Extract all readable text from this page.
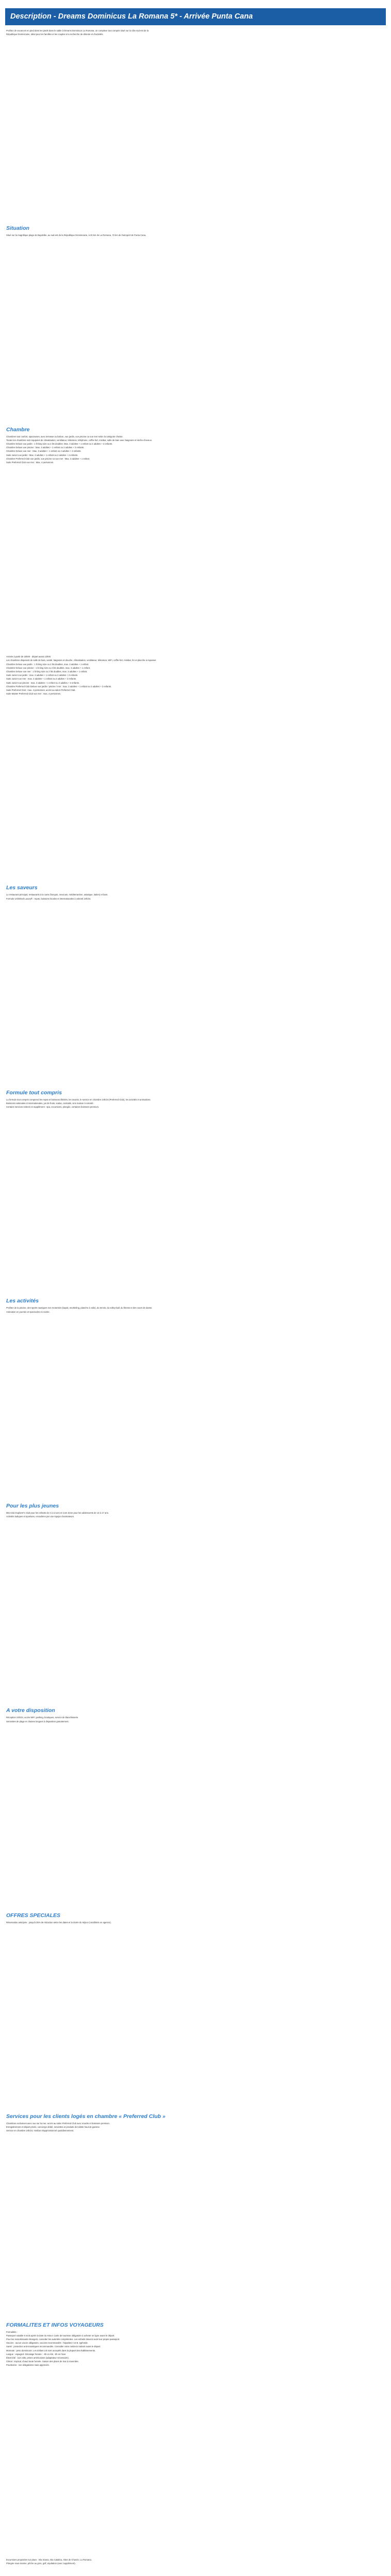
Description - Dreams Dominicus La Romana 5* - Arrivée Punta Cana
Profitez de vacances en pied dans les pieds dans le sable à Dreams Dominicus La Romana, un complexe tout compris situé sur la côte sud-est de la
République Dominicaine, idéal pour les familles et les couples à la recherche de détente et d'activités.
Situation
Situé sur la magnifique plage de Bayahibe, au sud-est de la République Dominicaine, à 20 km de La Romana, 72 km de l'aéroport de Punta Cana.
Chambre
Chambres tout confort, spacieuses, avec terrasse ou balcon, vue jardin, vue piscine ou vue mer selon la catégorie choisie.
Toutes les chambres sont équipées de climatisation, ventilateur, télévision, téléphone, coffre-fort, minibar, salle de bain avec baignoire et sèche-cheveux.
Chambre Deluxe vue jardin : 1 lit king size ou 2 lits doubles. Max. 3 adultes + 1 enfant ou 2 adultes + 2 enfants.
Chambre Deluxe vue piscine : Max. 3 adultes + 1 enfant ou 2 adultes + 2 enfants.
Chambre Deluxe vue mer : Max. 3 adultes + 1 enfant ou 2 adultes + 2 enfants.
Suite Junior vue jardin : Max. 3 adultes + 1 enfant ou 2 adultes + 2 enfants.
Chambre Preferred Club vue jardin, vue piscine ou vue mer : Max. 3 adultes + 1 enfant.
Suite Preferred Club vue mer : Max. 4 personnes.
Arrivée à partir de 15h00 - départ avant 12h00.
Les chambres disposent de salle de bain, vanité, baignoire et douche, climatisation, ventilateur, télévision, WiFi, coffre-fort, minibar, fer et planche à repasser.
Chambre Deluxe vue jardin : 1 lit king size ou 2 lits doubles, max. 3 adultes + 1 enfant.
Chambre Deluxe vue piscine : 1 lit king size ou 2 lits doubles, max. 3 adultes + 1 enfant.
Chambre Deluxe vue mer : 1 lit king size ou 2 lits doubles, max. 3 adultes + 1 enfant.
Suite Junior vue jardin : max. 3 adultes + 1 enfant ou 2 adultes + 2 enfants.
Suite Junior vue mer : max. 3 adultes + 1 enfant ou 2 adultes + 2 enfants.
Suite Junior vue piscine : max. 3 adultes + 1 enfant ou 2 adultes + 2 enfants.
Chambre Preferred Club Deluxe vue jardin / piscine / mer : max. 3 adultes + 1 enfant ou 2 adultes + 2 enfants.
Suite Preferred Club : max. 4 personnes, accès au salon Preferred Club.
Suite Master Preferred Club vue mer : max. 4 personnes.
Les saveurs
Le restaurant principal, restaurants à la carte (français, mexicain, méditerranéen, asiatique, italien) et bars.
Formule Unlimited-Luxury® : repas, boissons locales et internationales à volonté 24h/24.
Formule tout compris
La formule tout compris comprend les repas et boissons illimités, les snacks, le service en chambre 24h/24 (Preferred Club), les activités et animations.
Boissons nationales et internationales, jus de fruits, sodas, cocktails, vins maison à volonté.
Certains services restent en supplément : spa, excursions, plongée, certaines boissons premium.
Les activités
Profitez de la piscine, des sports nautiques non motorisés (kayak, snorkeling, planche à voile), du tennis, du volley-ball, du fitness et des cours de danse.
Animation en journée et spectacles en soirée.
Pour les plus jeunes
Mini-club Explorer's Club pour les enfants de 3 à 12 ans et Core Zone pour les adolescents de 13 à 17 ans.
Activités ludiques et sportives, encadrées par une équipe d'animateurs.
A votre disposition
Réception 24h/24, accès WiFi, parking, boutiques, service de blanchisserie.
Serviettes de plage et chaises longues à disposition gratuitement.
OFFRES SPECIALES
Réservation anticipée : jusqu'à 25% de réduction selon les dates et la durée du séjour (conditions en agence).
Services pour les clients logés en chambre « Preferred Club »
Chambres exclusives avec vue sur la mer, accès au salon Preferred Club avec snacks et boissons premium.
Enregistrement et départ privés, concierge dédié, serviettes et produits de toilette haut de gamme.
Service en chambre 24h/24, minibar réapprovisionné quotidiennement.
FORMALITES ET INFOS VOYAGEURS
Formalités :
Passeport valable 6 mois après la date du retour. Carte de tourisme obligatoire à acheter en ligne avant le départ.
Pour les ressortissants étrangers, consulter les autorités compétentes. Les enfants doivent avoir leur propre passeport.
Vaccins : aucun vaccin obligatoire, vaccins recommandés : hépatites A et B, typhoïde.
Santé : protection anti-moustiques recommandée. Consulter votre médecin traitant avant le départ.
Monnaie : peso dominicain. Les dollars US sont acceptés dans la plupart des établissements.
Langue : espagnol. Décalage horaire : -6h en été, -5h en hiver.
Électricité : 110 volts, prises américaines (adaptateur nécessaire).
Climat : tropical, chaud toute l'année. Saison des pluies de mai à novembre.
Pourboires : non obligatoires mais appréciés.
Excursions proposées sur place : Isla Saona, Isla Catalina, Altos de Chavón, La Romana.
Plongée sous-marine, pêche au gros, golf, équitation (avec supplément).
